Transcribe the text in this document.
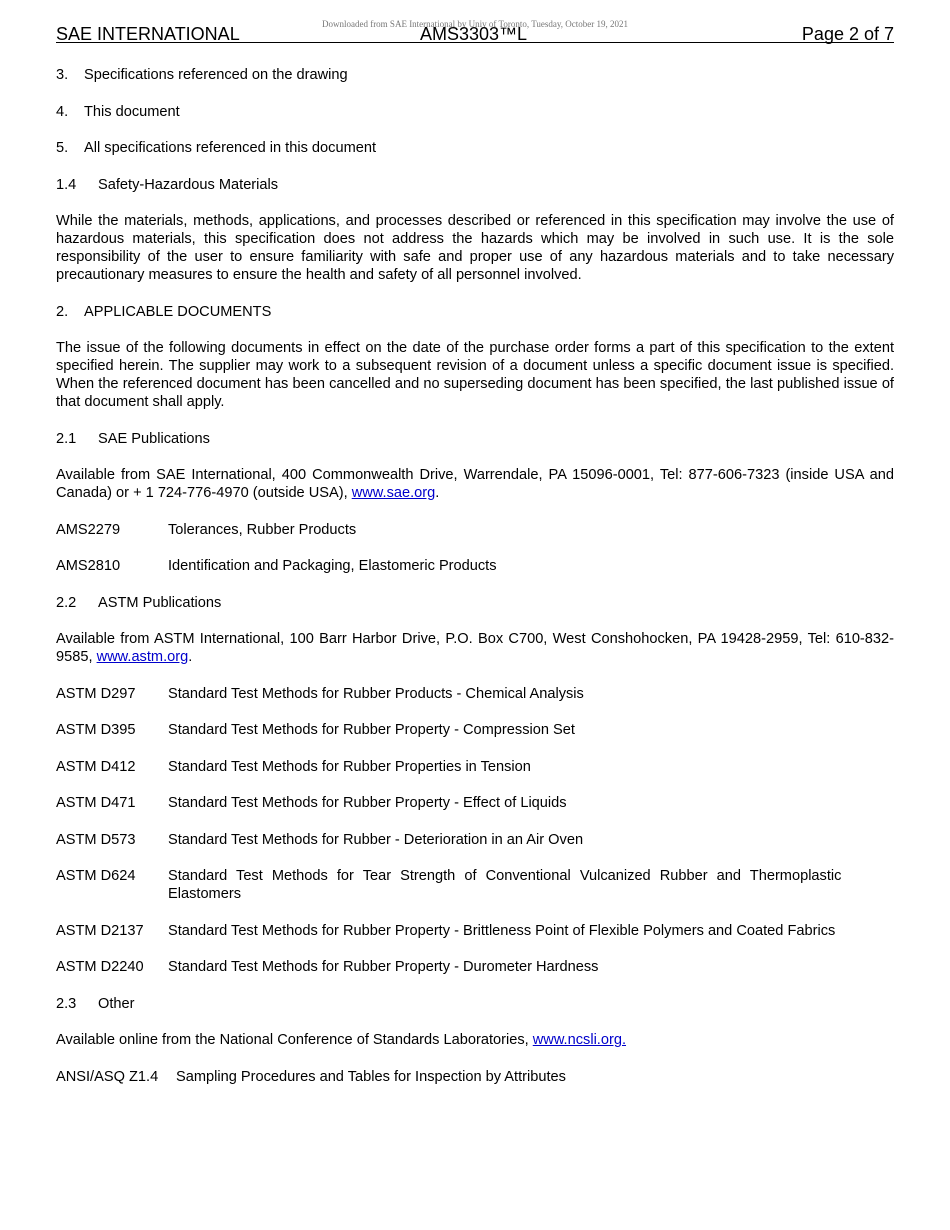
Downloaded from SAE International by Univ of Toronto, Tuesday, October 19, 2021
SAE INTERNATIONAL	AMS3303™L	Page 2 of 7
3. Specifications referenced on the drawing
4. This document
5. All specifications referenced in this document
1.4 Safety-Hazardous Materials
While the materials, methods, applications, and processes described or referenced in this specification may involve the use of hazardous materials, this specification does not address the hazards which may be involved in such use. It is the sole responsibility of the user to ensure familiarity with safe and proper use of any hazardous materials and to take necessary precautionary measures to ensure the health and safety of all personnel involved.
2. APPLICABLE DOCUMENTS
The issue of the following documents in effect on the date of the purchase order forms a part of this specification to the extent specified herein. The supplier may work to a subsequent revision of a document unless a specific document issue is specified. When the referenced document has been cancelled and no superseding document has been specified, the last published issue of that document shall apply.
2.1 SAE Publications
Available from SAE International, 400 Commonwealth Drive, Warrendale, PA 15096-0001, Tel: 877-606-7323 (inside USA and Canada) or + 1 724-776-4970 (outside USA), www.sae.org.
AMS2279	Tolerances, Rubber Products
AMS2810	Identification and Packaging, Elastomeric Products
2.2 ASTM Publications
Available from ASTM International, 100 Barr Harbor Drive, P.O. Box C700, West Conshohocken, PA 19428-2959, Tel: 610-832-9585, www.astm.org.
ASTM D297	Standard Test Methods for Rubber Products - Chemical Analysis
ASTM D395	Standard Test Methods for Rubber Property - Compression Set
ASTM D412	Standard Test Methods for Rubber Properties in Tension
ASTM D471	Standard Test Methods for Rubber Property - Effect of Liquids
ASTM D573	Standard Test Methods for Rubber - Deterioration in an Air Oven
ASTM D624	Standard Test Methods for Tear Strength of Conventional Vulcanized Rubber and Thermoplastic Elastomers
ASTM D2137	Standard Test Methods for Rubber Property - Brittleness Point of Flexible Polymers and Coated Fabrics
ASTM D2240	Standard Test Methods for Rubber Property - Durometer Hardness
2.3 Other
Available online from the National Conference of Standards Laboratories, www.ncsli.org.
ANSI/ASQ Z1.4	Sampling Procedures and Tables for Inspection by Attributes
